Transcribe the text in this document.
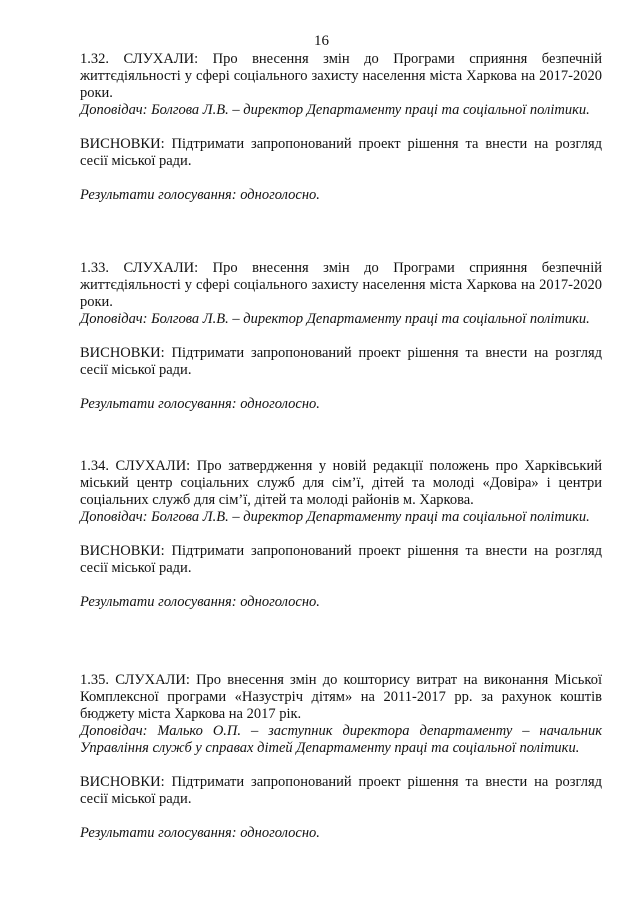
16

1.32. СЛУХАЛИ: Про внесення змін до Програми сприяння безпечній життєдіяльності у сфері соціального захисту населення міста Харкова на 2017-2020 роки.

Доповідач: Болгова Л.В. – директор Департаменту праці та соціальної політики.

ВИСНОВКИ: Підтримати запропонований проект рішення та внести на розгляд сесії міської ради.

Результати голосування: одноголосно.

1.33. СЛУХАЛИ: Про внесення змін до Програми сприяння безпечній життєдіяльності у сфері соціального захисту населення міста Харкова на 2017-2020 роки.

Доповідач: Болгова Л.В. – директор Департаменту праці та соціальної політики.

ВИСНОВКИ: Підтримати запропонований проект рішення та внести на розгляд сесії міської ради.

Результати голосування: одноголосно.

1.34. СЛУХАЛИ: Про затвердження у новій редакції положень про Харківський міський центр соціальних служб для сім’ї, дітей та молоді «Довіра» і центри соціальних служб для сім’ї, дітей та молоді районів м. Харкова.

Доповідач: Болгова Л.В. – директор Департаменту праці та соціальної політики.

ВИСНОВКИ: Підтримати запропонований проект рішення та внести на розгляд сесії міської ради.

Результати голосування: одноголосно.

1.35. СЛУХАЛИ: Про внесення змін до кошторису витрат на виконання Міської Комплексної програми «Назустріч дітям» на 2011-2017 рр. за рахунок коштів бюджету міста Харкова на 2017 рік.

Доповідач: Малько О.П. – заступник директора департаменту – начальник Управління служб у справах дітей Департаменту праці та соціальної політики.

ВИСНОВКИ: Підтримати запропонований проект рішення та внести на розгляд сесії міської ради.

Результати голосування: одноголосно.
